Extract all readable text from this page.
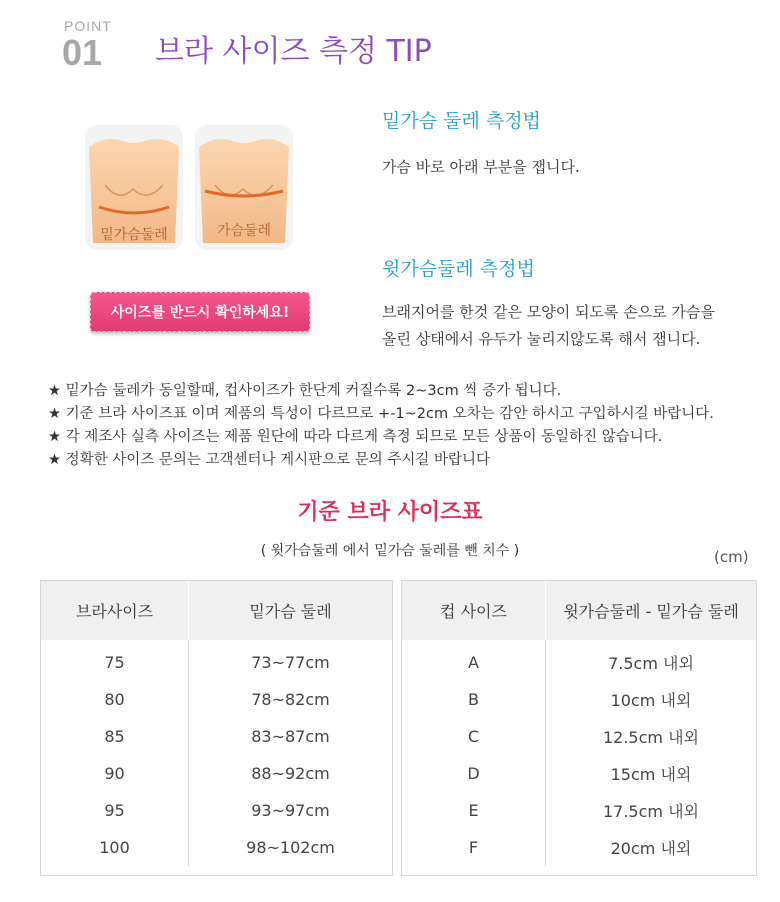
POINT
01 브라 사이즈 측정 TIP
밑가슴둘레	가슴둘레
사이즈를 반드시 확인하세요!
밑가슴 둘레 측정법
가슴 바로 아래 부분을 잽니다.
윗가슴둘레 측정법
브래지어를 한것 같은 모양이 되도록 손으로 가슴을
올린 상태에서 유두가 눌리지않도록 해서 잽니다.
★ 밑가슴 둘레가 동일할때, 컵사이즈가 한단계 커질수록 2~3cm 씩 증가 됩니다.
★ 기준 브라 사이즈표 이며 제품의 특성이 다르므로 +-1~2cm 오차는 감안 하시고 구입하시길 바랍니다.
★ 각 제조사 실측 사이즈는 제품 원단에 따라 다르게 측정 되므로 모든 상품이 동일하진 않습니다.
★ 정확한 사이즈 문의는 고객센터나 게시판으로 문의 주시길 바랍니다
기준 브라 사이즈표
( 윗가슴둘레 에서 밑가슴 둘레를 뺀 치수 )	(cm)
브라사이즈	밑가슴 둘레
75	73~77cm
80	78~82cm
85	83~87cm
90	88~92cm
95	93~97cm
100	98~102cm
컵 사이즈	윗가슴둘레 - 밑가슴 둘레
A	7.5cm 내외
B	10cm 내외
C	12.5cm 내외
D	15cm 내외
E	17.5cm 내외
F	20cm 내외
